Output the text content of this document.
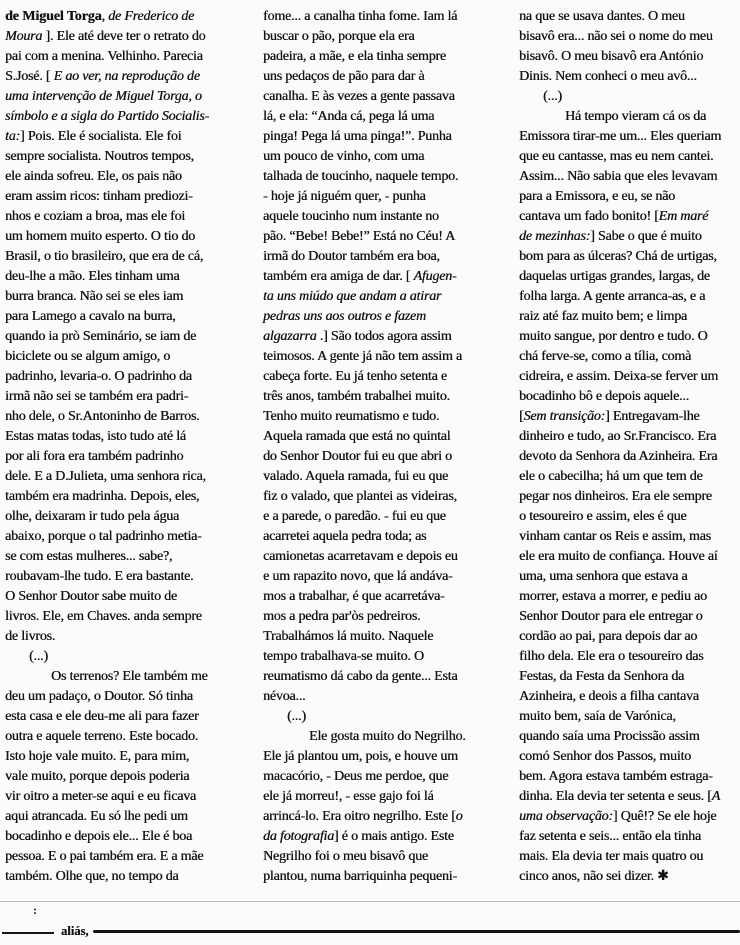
de Miguel Torga, de Frederico de
Moura ]. Ele até deve ter o retrato do
pai com a menina. Velhinho. Parecia
S.José. [ E ao ver, na reprodução de
uma intervenção de Miguel Torga, o
símbolo e a sigla do Partido Socialis-
ta:] Pois. Ele é socialista. Ele foi
sempre socialista. Noutros tempos,
ele ainda sofreu. Ele, os pais não
eram assim ricos: tinham prediozi-
nhos e coziam a broa, mas ele foi
um homem muito esperto. O tio do
Brasil, o tio brasileiro, que era de cá,
deu-lhe a mão. Eles tinham uma
burra branca. Não sei se eles iam
para Lamego a cavalo na burra,
quando ia prò Seminário, se iam de
biciclete ou se algum amigo, o
padrinho, levaria-o. O padrinho da
irmã não sei se também era padri-
nho dele, o Sr.Antoninho de Barros.
Estas matas todas, isto tudo até lá
por ali fora era também padrinho
dele. E a D.Julieta, uma senhora rica,
também era madrinha. Depois, eles,
olhe, deixaram ir tudo pela água
abaixo, porque o tal padrinho metia-
se com estas mulheres... sabe?,
roubavam-lhe tudo. E era bastante.
O Senhor Doutor sabe muito de
livros. Ele, em Chaves. anda sempre
de livros.
(...)
Os terrenos? Ele também me
deu um padaço, o Doutor. Só tinha
esta casa e ele deu-me ali para fazer
outra e aquele terreno. Este bocado.
Isto hoje vale muito. E, para mim,
vale muito, porque depois poderia
vir oitro a meter-se aqui e eu ficava
aqui atrancada. Eu só lhe pedi um
bocadinho e depois ele... Ele é boa
pessoa. E o pai também era. E a mãe
também. Olhe que, no tempo da
fome... a canalha tinha fome. Iam lá
buscar o pão, porque ela era
padeira, a mãe, e ela tinha sempre
uns pedaços de pão para dar à
canalha. E às vezes a gente passava
lá, e ela: “Anda cá, pega lá uma
pinga! Pega lá uma pinga!”. Punha
um pouco de vinho, com uma
talhada de toucinho, naquele tempo.
- hoje já niguém quer, - punha
aquele toucinho num instante no
pão. “Bebe! Bebe!” Está no Céu! A
irmã do Doutor também era boa,
também era amiga de dar. [ Afugen-
ta uns miúdo que andam a atirar
pedras uns aos outros e fazem
algazarra .] São todos agora assim
teimosos. A gente já não tem assim a
cabeça forte. Eu já tenho setenta e
três anos, também trabalhei muito.
Tenho muito reumatismo e tudo.
Aquela ramada que está no quintal
do Senhor Doutor fui eu que abri o
valado. Aquela ramada, fui eu que
fiz o valado, que plantei as videiras,
e a parede, o paredão. - fui eu que
acarretei aquela pedra toda; as
camionetas acarretavam e depois eu
e um rapazito novo, que lá andáva-
mos a trabalhar, é que acarretáva-
mos a pedra par'òs pedreiros.
Trabalhámos lá muito. Naquele
tempo trabalhava-se muito. O
reumatismo dá cabo da gente... Esta
névoa...
(...)
Ele gosta muito do Negrilho.
Ele já plantou um, pois, e houve um
macacório, - Deus me perdoe, que
ele já morreu!, - esse gajo foi lá
arrincá-lo. Era oitro negrilho. Este [o
da fotografia] é o mais antigo. Este
Negrilho foi o meu bisavô que
plantou, numa barriquinha pequeni-
na que se usava dantes. O meu
bisavô era... não sei o nome do meu
bisavô. O meu bisavô era António
Dinis. Nem conheci o meu avô...
(...)
Há tempo vieram cá os da
Emissora tirar-me um... Eles queriam
que eu cantasse, mas eu nem cantei.
Assim... Não sabia que eles levavam
para a Emissora, e eu, se não
cantava um fado bonito! [Em maré
de mezinhas:] Sabe o que é muito
bom para as úlceras? Chá de urtigas,
daquelas urtigas grandes, largas, de
folha larga. A gente arranca-as, e a
raiz até faz muito bem; e limpa
muito sangue, por dentro e tudo. O
chá ferve-se, como a tília, comà
cidreira, e assim. Deixa-se ferver um
bocadinho bô e depois aquele...
[Sem transição:] Entregavam-lhe
dinheiro e tudo, ao Sr.Francisco. Era
devoto da Senhora da Azinheira. Era
ele o cabecilha; há um que tem de
pegar nos dinheiros. Era ele sempre
o tesoureiro e assim, eles é que
vinham cantar os Reis e assim, mas
ele era muito de confiança. Houve aí
uma, uma senhora que estava a
morrer, estava a morrer, e pediu ao
Senhor Doutor para ele entregar o
cordão ao pai, para depois dar ao
filho dela. Ele era o tesoureiro das
Festas, da Festa da Senhora da
Azinheira, e deois a filha cantava
muito bem, saía de Varónica,
quando saía uma Procissão assim
comó Senhor dos Passos, muito
bem. Agora estava também estraga-
dinha. Ela devia ter setenta e seus. [A
uma observação:] Quê!? Se ele hoje
faz setenta e seis... então ela tinha
mais. Ela devia ter mais quatro ou
cinco anos, não sei dizer. ✱
:
aliás,
